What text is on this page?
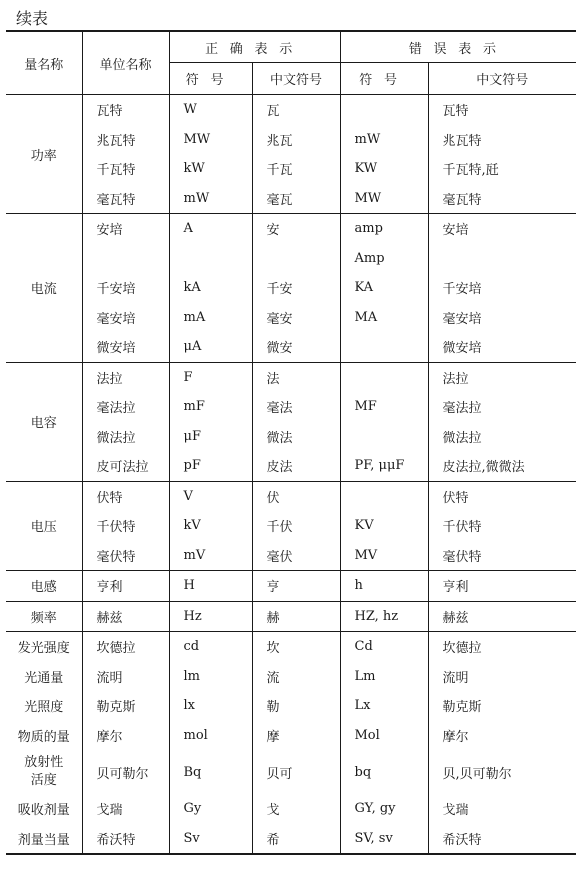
续表
量名称	单位名称	正确表示		错误表示	
		符号	中文符号	符号	中文符号
功率	瓦特	W	瓦		瓦特
	兆瓦特	MW	兆瓦	mW	兆瓦特
	千瓦特	kW	千瓦	KW	千瓦特,瓩
	毫瓦特	mW	毫瓦	MW	毫瓦特
电流	安培	A	安	amp	安培
				Amp	
	千安培	kA	千安	KA	千安培
	毫安培	mA	毫安	MA	毫安培
	微安培	μA	微安		微安培
电容	法拉	F	法		法拉
	毫法拉	mF	毫法	MF	毫法拉
	微法拉	μF	微法		微法拉
	皮可法拉	pF	皮法	PF, μμF	皮法拉,微微法
电压	伏特	V	伏		伏特
	千伏特	kV	千伏	KV	千伏特
	毫伏特	mV	毫伏	MV	毫伏特
电感	亨利	H	亨	h	亨利
频率	赫兹	Hz	赫	HZ, hz	赫兹
发光强度	坎德拉	cd	坎	Cd	坎德拉
光通量	流明	lm	流	Lm	流明
光照度	勒克斯	lx	勒	Lx	勒克斯
物质的量	摩尔	mol	摩	Mol	摩尔
放射性活度	贝可勒尔	Bq	贝可	bq	贝,贝可勒尔
吸收剂量	戈瑞	Gy	戈	GY, gy	戈瑞
剂量当量	希沃特	Sv	希	SV, sv	希沃特
